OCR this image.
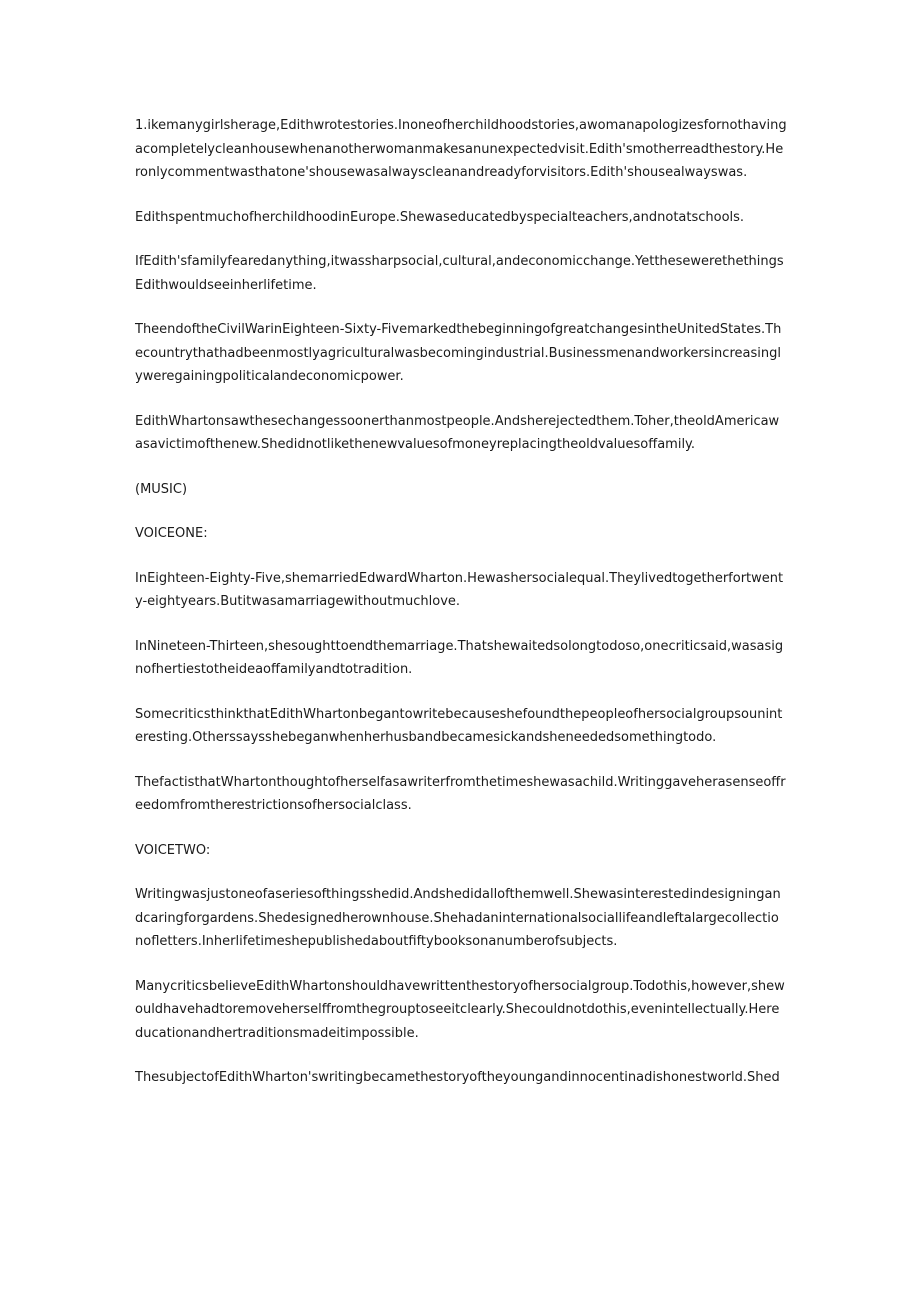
1.ikemanygirlsherage,Edithwrotestories.Inoneofherchildhoodstories,awomanapologizesfornothavingacompletelycleanhousewhenanotherwomanmakesanunexpectedvisit.Edith'smotherreadthestory.Heronlycommentwasthatone'shousewasalwayscleanandreadyforvisitors.Edith'shousealwayswas.

EdithspentmuchofherchildhoodinEurope.Shewaseducatedbyspecialteachers,andnotatschools.

IfEdith'sfamilyfearedanything,itwassharpsocial,cultural,andeconomicchange.YetthesewerethethingsEdithwouldseeinherlifetime.

TheendoftheCivilWarinEighteen-Sixty-FivemarkedthebeginningofgreatchangesintheUnitedStates.Thecountrythathadbeenmostlyagriculturalwasbecomingindustrial.Businessmenandworkersincreasinglyweregainingpoliticalandeconomicpower.

EdithWhartonsawthesechangessoonerthanmostpeople.Andsherejectedthem.Toher,theoldAmericawasavictimofthenew.Shedidnotlikethenewvaluesofmoneyreplacingtheoldvaluesoffamily.

(MUSIC)

VOICEONE:

InEighteen-Eighty-Five,shemarriedEdwardWharton.Hewashersocialequal.Theylivedtogetherfortwenty-eightyears.Butitwasamarriagewithoutmuchlove.

InNineteen-Thirteen,shesoughttoendthemarriage.Thatshewaitedsolongtodoso,onecriticsaid,wasasignofhertiestotheideaoffamilyandtotradition.

SomecriticsthinkthatEdithWhartonbegantowritebecauseshefoundthepeopleofhersocialgroupsouninteresting.Otherssaysshebeganwhenherhusbandbecamesickandsheneededsomethingtodo.

ThefactisthatWhartonthoughtofherselfasawriterfromthetimeshewasachild.Writinggaveherasenseoffreedomfromtherestrictionsofhersocialclass.

VOICETWO:

Writingwasjustoneofaseriesofthingsshedid.Andshedidallofthemwell.Shewasinterestedindesigningandcaringforgardens.Shedesignedherownhouse.Shehadaninternationalsociallifeandleftalargecollectionofletters.Inherlifetimeshepublishedaboutfiftybooksonanumberofsubjects.

ManycriticsbelieveEdithWhartonshouldhavewrittenthestoryofhersocialgroup.Todothis,however,shewouldhavehadtoremoveherselffromthegrouptoseeitclearly.Shecouldnotdothis,evenintellectually.Hereducationandhertraditionsmadeitimpossible.

ThesubjectofEdithWharton'swritingbecamethestoryoftheyoungandinnocentinadishonestworld.Shed
